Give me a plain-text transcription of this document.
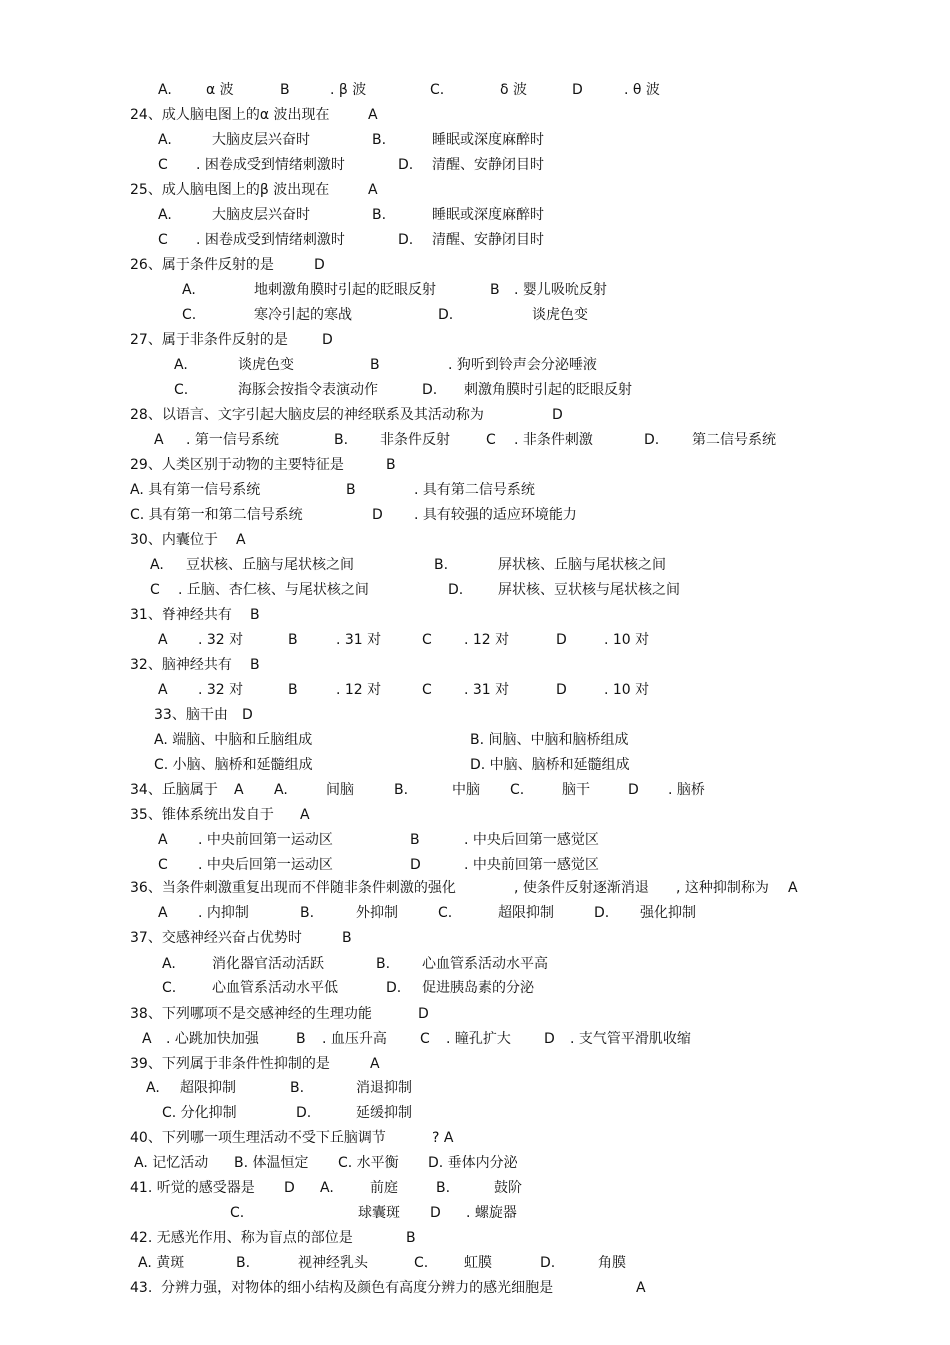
A. α 波	B	. β 波	C.	δ 波	D	. θ 波
24、成人脑电图上的α 波出现在	A
A.	大脑皮层兴奋时	B.	睡眠或深度麻醉时
C . 困卷成受到情绪刺激时	D. 清醒、安静闭目时
25、成人脑电图上的β 波出现在	A
A.	大脑皮层兴奋时	B.	睡眠或深度麻醉时
C . 困卷成受到情绪刺激时	D. 清醒、安静闭目时
26、属于条件反射的是	D
A.	地刺激角膜时引起的眨眼反射	B . 婴儿吸吮反射
C.	寒冷引起的寒战	D.	谈虎色变
27、属于非条件反射的是 D
A.	谈虎色变	B	. 狗听到铃声会分泌唾液
C.	海豚会按指令表演动作	D. 刺激角膜时引起的眨眼反射
28、以语言、文字引起大脑皮层的神经联系及其活动称为	D
A . 第一信号系统	B. 非条件反射	C . 非条件刺激	D. 第二信号系统
29、人类区别于动物的主要特征是	B
A. 具有第一信号系统	B	. 具有第二信号系统
C. 具有第一和第二信号系统	D . 具有较强的适应环境能力
30、内囊位于 A
A. 豆状核、丘脑与尾状核之间	B.	屏状核、丘脑与尾状核之间
C . 丘脑、杏仁核、与尾状核之间	D. 屏状核、豆状核与尾状核之间
31、脊神经共有 B
A . 32 对	B	. 31 对	C . 12 对	D	. 10 对
32、脑神经共有 B
A . 32 对	B	. 12 对	C . 31 对	D	. 10 对
33、脑干由 D
A. 端脑、中脑和丘脑组成	B. 间脑、中脑和脑桥组成
C. 小脑、脑桥和延髓组成	D. 中脑、脑桥和延髓组成
34、丘脑属于 A A.	间脑	B.	中脑 C.	脑干	D . 脑桥
35、锥体系统出发自于 A
A . 中央前回第一运动区	B	. 中央后回第一感觉区
C . 中央后回第一运动区	D	. 中央前回第一感觉区
36、当条件刺激重复出现而不伴随非条件刺激的强化	, 使条件反射逐渐消退 , 这种抑制称为 A
A . 内抑制	B.	外抑制	C.	超限抑制	D. 强化抑制
37、交感神经兴奋占优势时	B
A.	消化器官活动活跃	B. 心血管系活动水平高
C.	心血管系活动水平低	D. 促进胰岛素的分泌
38、下列哪项不是交感神经的生理功能	D
A . 心跳加快加强	B . 血压升高 C . 瞳孔扩大 D . 支气管平滑肌收缩
39、下列属于非条件性抑制的是	A
A. 超限抑制	B.	消退抑制
C. 分化抑制	D.	延缓抑制
40、下列哪一项生理活动不受下丘脑调节	? A
A. 记忆活动 B. 体温恒定 C. 水平衡 D. 垂体内分泌
41. 听觉的感受器是 D A.	前庭	B.	鼓阶
C.	球囊斑 D . 螺旋器
42. 无感光作用、称为盲点的部位是	B
A. 黄斑	B.	视神经乳头	C.	虹膜	D.	角膜
43.  分辨力强，对物体的细小结构及颜色有高度分辨力的感光细胞是	A
